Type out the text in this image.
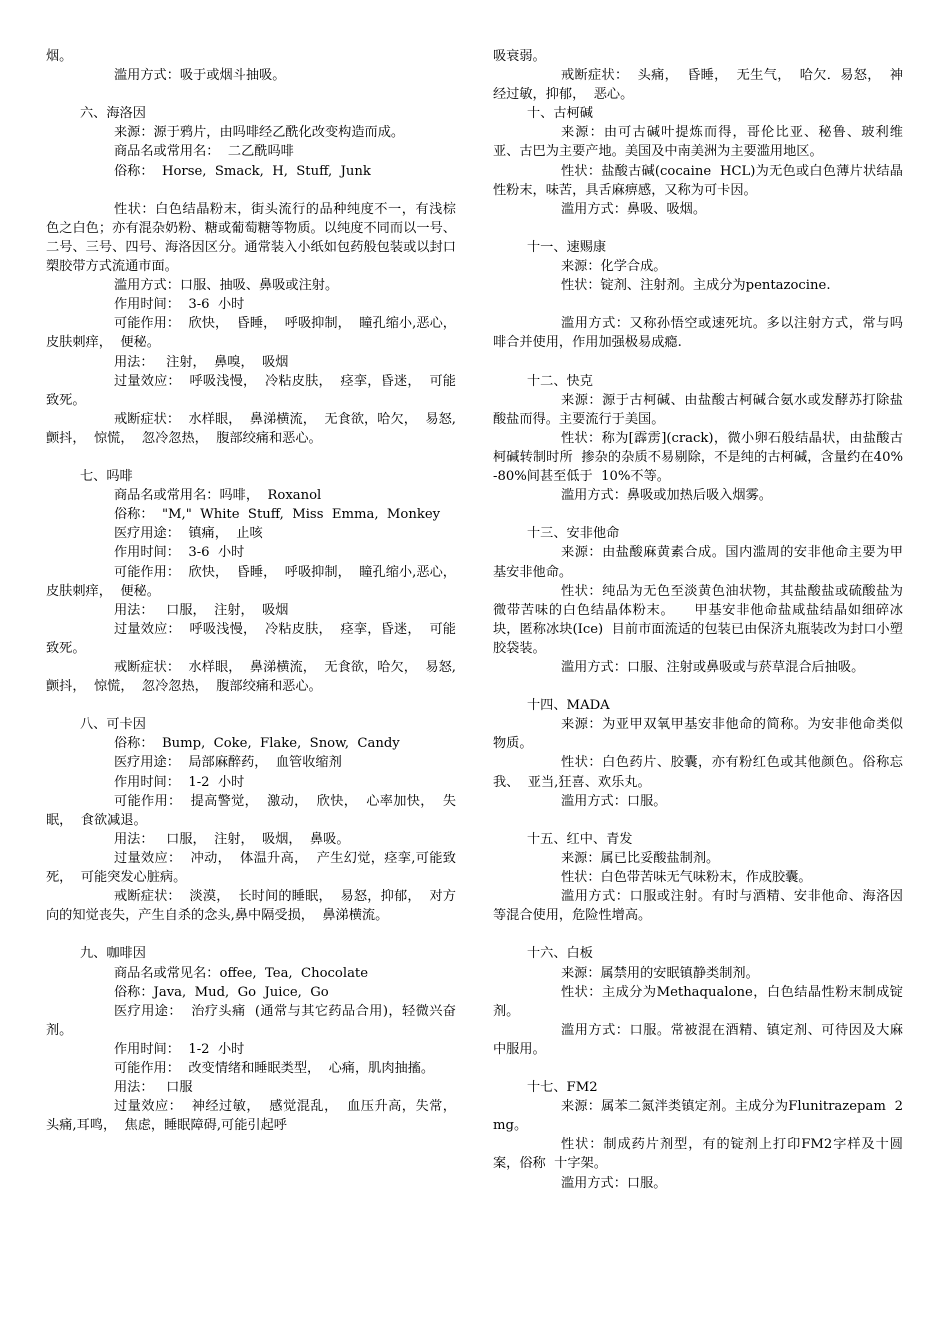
烟。

滥用方式：吸于或烟斗抽吸。

六、海洛因

来源：源于鸦片，由吗啡经乙酰化改变构造而成。

商品名或常用名：  二乙酰吗啡

俗称：  Horse,  Smack,  H,  Stuff,  Junk

性状：白色结晶粉末，街头流行的品种纯度不一，有浅棕色之白色；亦有混杂奶粉、糖或葡萄糖等物质。以纯度不同而以一号、二号、三号、四号、海洛因区分。通常装入小纸如包药般包装或以封口槊胶带方式流通市面。

滥用方式：口服、抽吸、鼻吸或注射。

作用时间：  3-6  小时

可能作用：  欣快，  昏睡，  呼吸抑制，  瞳孔缩小,恶心，  皮肤刺痒，  便秘。

用法：   注射，  鼻嗅，  吸烟

过量效应：  呼吸浅慢，  冷粘皮肤，  痉挛，昏迷，  可能致死。

戒断症状：  水样眼，  鼻涕横流，  无食欲，哈欠，  易怒,颤抖，  惊慌，  忽冷忽热，  腹部绞痛和恶心。

七、吗啡

商品名或常用名：吗啡，  Roxanol

俗称：  "M,"  White  Stuff,  Miss  Emma,  Monkey

医疗用途：  镇痛，  止咳

作用时间：  3-6  小时

可能作用：  欣快，  昏睡，  呼吸抑制，  瞳孔缩小,恶心，  皮肤刺痒，  便秘。

用法：   口服，  注射，  吸烟

过量效应：  呼吸浅慢，  冷粘皮肤，  痉挛，昏迷，  可能致死。

戒断症状：  水样眼，  鼻涕横流，  无食欲，哈欠，  易怒,颤抖，  惊慌，  忽冷忽热，  腹部绞痛和恶心。

八、可卡因

俗称：  Bump,  Coke,  Flake,  Snow,  Candy

医疗用途：  局部麻醉药，  血管收缩剂

作用时间：  1-2  小时

可能作用：  提高警觉，  激动，  欣快，  心率加快，  失眠，  食欲减退。

用法：   口服，  注射，  吸烟，  鼻吸。

过量效应：  冲动，  体温升高，  产生幻觉，痉挛,可能致死，  可能突发心脏病。

戒断症状：  淡漠，  长时间的睡眠，  易怒，抑郁，  对方向的知觉丧失，产生自杀的念头,鼻中隔受损，  鼻涕横流。

九、咖啡因

商品名或常见名：offee,  Tea,  Chocolate

俗称：Java,  Mud,  Go  Juice,  Go

医疗用途：  治疗头痛  (通常与其它药品合用)，轻微兴奋剂。

作用时间：  1-2  小时

可能作用：  改变情绪和睡眠类型，  心痛，肌肉抽搐。

用法：   口服

过量效应：  神经过敏，  感觉混乱，  血压升高，失常，  头痛,耳鸣，  焦虑，睡眠障碍,可能引起呼

吸衰弱。

戒断症状：  头痛，  昏睡，  无生气，  哈欠．易怒，  神经过敏，抑郁，  恶心。

十、古柯碱

来源：由可古碱叶提炼而得，哥伦比亚、秘鲁、玻利维亚、古巴为主要产地。美国及中南美洲为主要滥用地区。

性状：盐酸古碱(cocaine  HCL)为无色或白色薄片状结晶  性粉末，味苦，具舌麻痹感，又称为可卡因。

滥用方式：鼻吸、吸烟。

十一、速赐康

来源：化学合成。

性状：锭剂、注射剂。主成分为pentazocine.

滥用方式：又称孙悟空或速死坑。多以注射方式，常与吗啡合并使用，作用加强极易成瘾.

十二、快克

来源：源于古柯碱、由盐酸古柯碱合氨水或发酵苏打除盐酸盐而得。主要流行于美国。

性状：称为[霹雳](crack)，微小卵石般结晶状，由盐酸古柯碱转制时所  掺杂的杂质不易剔除，不是纯的古柯碱，含量约在40%-80%间甚至低于  10%不等。

滥用方式：鼻吸或加热后吸入烟雾。

十三、安非他命

来源：由盐酸麻黄素合成。国内滥周的安非他命主要为甲基安非他命。

性状：纯品为无色至淡黄色油状物，其盐酸盐或硫酸盐为微带苦味的白色结晶体粉末。    甲基安非他命盐咸盐结晶如细碎冰块，匿称冰块(Ice)  目前市面流适的包装已由保济丸瓶装改为封口小塑胶袋装。

滥用方式：口服、注射或鼻吸或与菸草混合后抽吸。

十四、MADA

来源：为亚甲双氧甲基安非他命的简称。为安非他命类似物质。

性状：白色药片、胶囊，亦有粉红色或其他颜色。俗称忘我、  亚当,狂喜、欢乐丸。

滥用方式：口服。

十五、红中、青发

来源：属已比妥酸盐制剂。

性状：白色带苦味无气味粉末，作成胶囊。

滥用方式：口服或注射。有时与酒精、安非他命、海洛因等混合使用，危险性增高。

十六、白板

来源：属禁用的安眠镇静类制剂。

性状：主成分为Methaqualone，白色结晶性粉末制成锭剂。

滥用方式：口服。常被混在酒精、镇定剂、可待因及大麻中服用。

十七、FM2

来源：属苯二氮泮类镇定剂。主成分为Flunitrazepam  2mg。

性状：制成药片剂型，有的锭剂上打印FM2字样及十圆案，俗称  十字架。

滥用方式：口服。
